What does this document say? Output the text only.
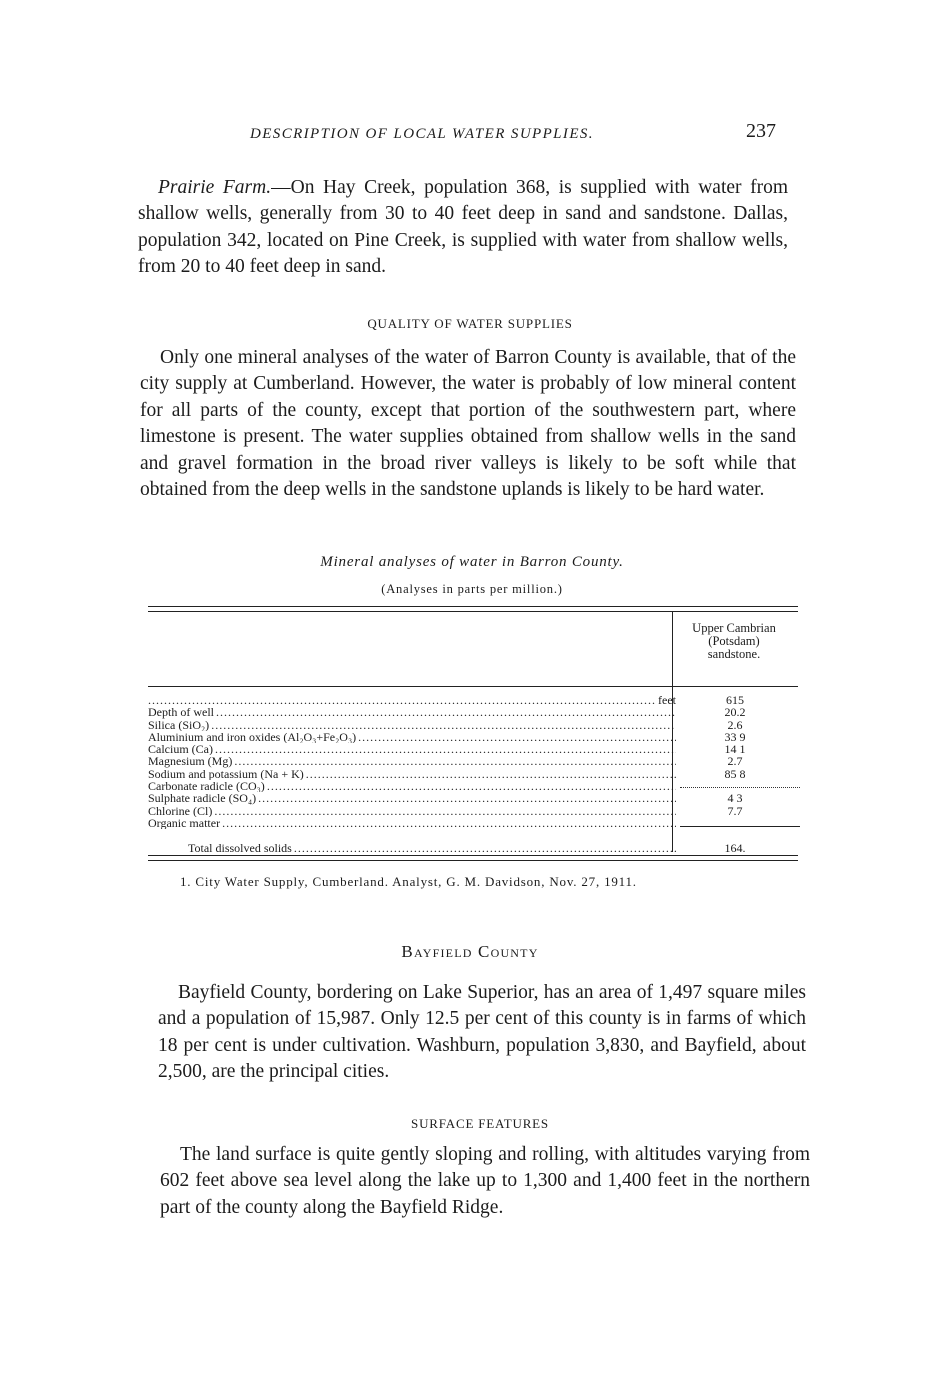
DESCRIPTION OF LOCAL WATER SUPPLIES.	237
Prairie Farm.—On Hay Creek, population 368, is supplied with water from shallow wells, generally from 30 to 40 feet deep in sand and sandstone. Dallas, population 342, located on Pine Creek, is supplied with water from shallow wells, from 20 to 40 feet deep in sand.
QUALITY OF WATER SUPPLIES
Only one mineral analyses of the water of Barron County is available, that of the city supply at Cumberland. However, the water is probably of low mineral content for all parts of the county, except that portion of the southwestern part, where limestone is present. The water supplies obtained from shallow wells in the sand and gravel formation in the broad river valleys is likely to be soft while that obtained from the deep wells in the sandstone uplands is likely to be hard water.
Mineral analyses of water in Barron County.
(Analyses in parts per million.)
Upper Cambrian
(Potsdam)
sandstone.
feet
.....
Depth of well
.....
Silica (SiO₂)
.....
Aluminium and iron oxides (Al₂O₃+Fe₂O₃)
.....
Calcium (Ca)
.....
Magnesium (Mg)
.....
Sodium and potassium (Na + K)
.....
Carbonate radicle (CO₃)
.....
Sulphate radicle (SO₄)
.....
Chlorine (Cl)
.....
Organic matter
.....
Total dissolved solids
.....
615
20.2
2.6
33 9
14 1
2.7
85 8
4 3
7.7
164.
1. City Water Supply, Cumberland. Analyst, G. M. Davidson, Nov. 27, 1911.
Bayfield County
Bayfield County, bordering on Lake Superior, has an area of 1,497 square miles and a population of 15,987. Only 12.5 per cent of this county is in farms of which 18 per cent is under cultivation. Washburn, population 3,830, and Bayfield, about 2,500, are the principal cities.
SURFACE FEATURES
The land surface is quite gently sloping and rolling, with altitudes varying from 602 feet above sea level along the lake up to 1,300 and 1,400 feet in the northern part of the county along the Bayfield Ridge.
